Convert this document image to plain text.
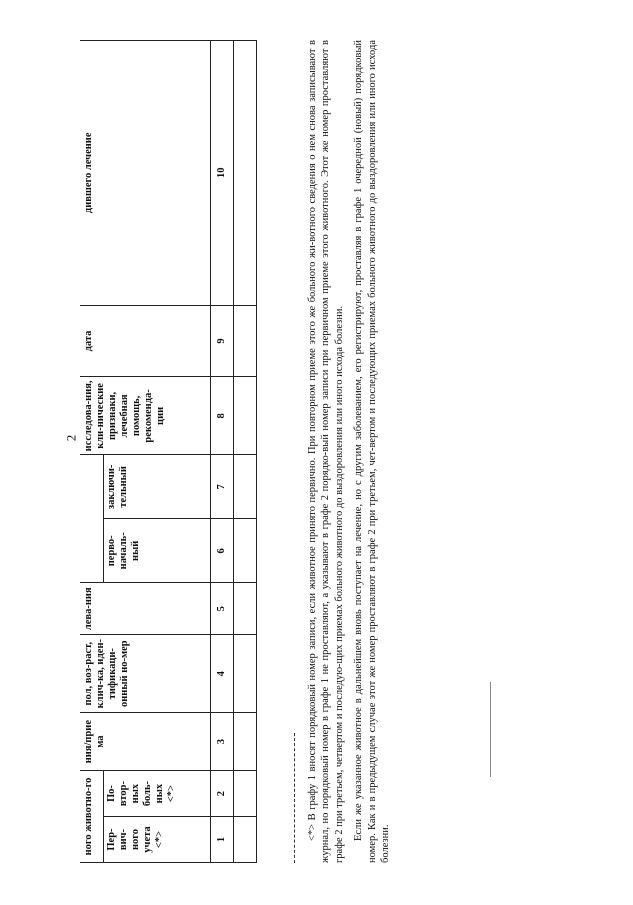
2
ного животно-го		ния/прие ма	пол, воз-раст, клич-ка, иден-тификаци-онный но-мер	лева-ния			исследова-ния, кли-нические признаки, лечебная помощь, рекоменда-ции	дата	дившего лечение
Пер-вич-ного учета <*>	По-втор-ных боль-ных <*>				перво-началь-ный	заключи-тельный			
1	2	3	4	5	6	7	8	9	10
										<*> В графу 1 вносят порядковый номер записи, если животное принято первично. При повторном приеме этого же больного жи-вотного сведения о нем снова записывают в журнал, но порядковый номер в графе 1 не проставляют, а указывают в графе 2 порядко-вый номер записи при первичном приеме этого животного. Этот же номер проставляют в графе 2 при третьем, четвертом и последую-щих приемах больного животного до выздоровления или иного исхода болезни. Если же указанное животное в дальнейшем вновь поступает на лечение, но с другим заболеванием, его регистрируют, проставляя в графе 1 очередной (новый) порядковый номер. Как и в предыдущем случае этот же номер проставляют в графе 2 при третьем, чет-вертом и последующих приемах больного животного до выздоровления или иного исхода болезни.
